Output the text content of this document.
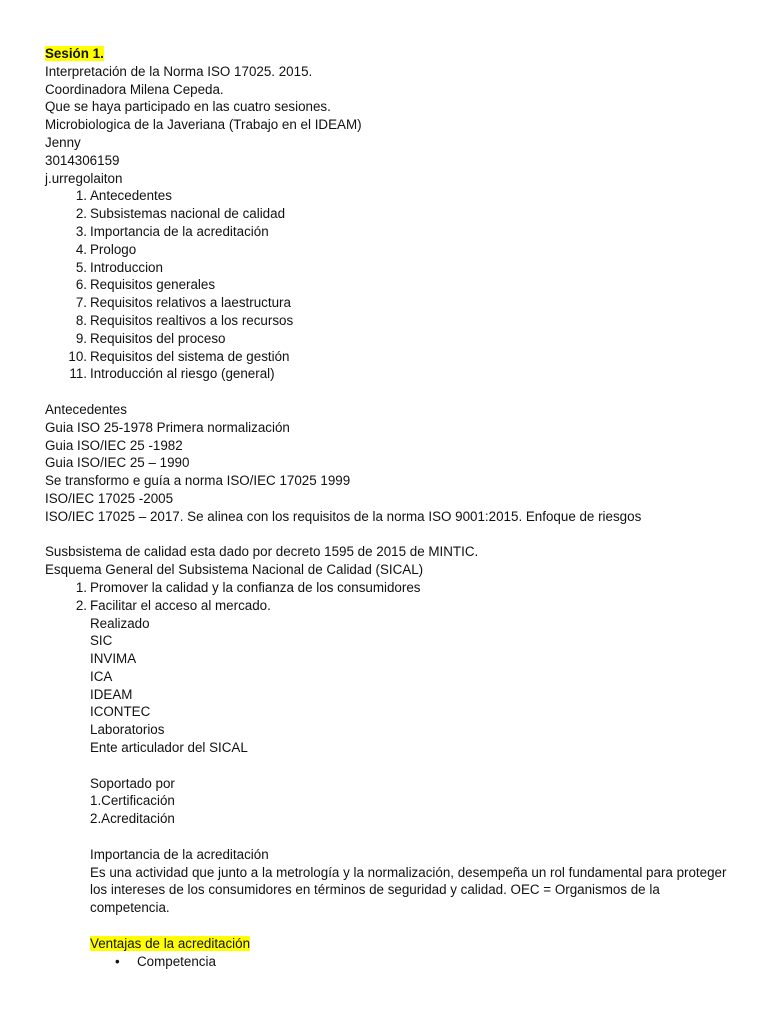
Sesión 1.
Interpretación de la Norma ISO 17025. 2015.
Coordinadora Milena Cepeda.
Que se haya participado en las cuatro sesiones.
Microbiologica de la Javeriana (Trabajo en el IDEAM)
Jenny
3014306159
j.urregolaiton
1. Antecedentes
2. Subsistemas nacional de calidad
3. Importancia de la acreditación
4. Prologo
5. Introduccion
6. Requisitos generales
7. Requisitos relativos a laestructura
8. Requisitos realtivos a los recursos
9. Requisitos del proceso
10. Requisitos del sistema de gestión
11. Introducción al riesgo (general)
Antecedentes
Guia ISO 25-1978 Primera normalización
Guia ISO/IEC 25 -1982
Guia ISO/IEC 25 – 1990
Se transformo e guía a norma ISO/IEC 17025 1999
ISO/IEC 17025 -2005
ISO/IEC 17025 – 2017. Se alinea con los requisitos de la norma ISO 9001:2015. Enfoque de riesgos
Susbsistema de calidad esta dado por decreto 1595 de 2015 de MINTIC.
Esquema General del Subsistema Nacional de Calidad (SICAL)
1. Promover la calidad y la confianza de los consumidores
2. Facilitar el acceso al mercado.
Realizado
SIC
INVIMA
ICA
IDEAM
ICONTEC
Laboratorios
Ente articulador del SICAL
Soportado por
1.Certificación
2.Acreditación
Importancia de la acreditación
Es una actividad que junto a la metrología y la normalización, desempeña un rol fundamental para proteger los intereses de los consumidores en términos de seguridad y calidad. OEC = Organismos de la competencia.
Ventajas de la acreditación
• Competencia
